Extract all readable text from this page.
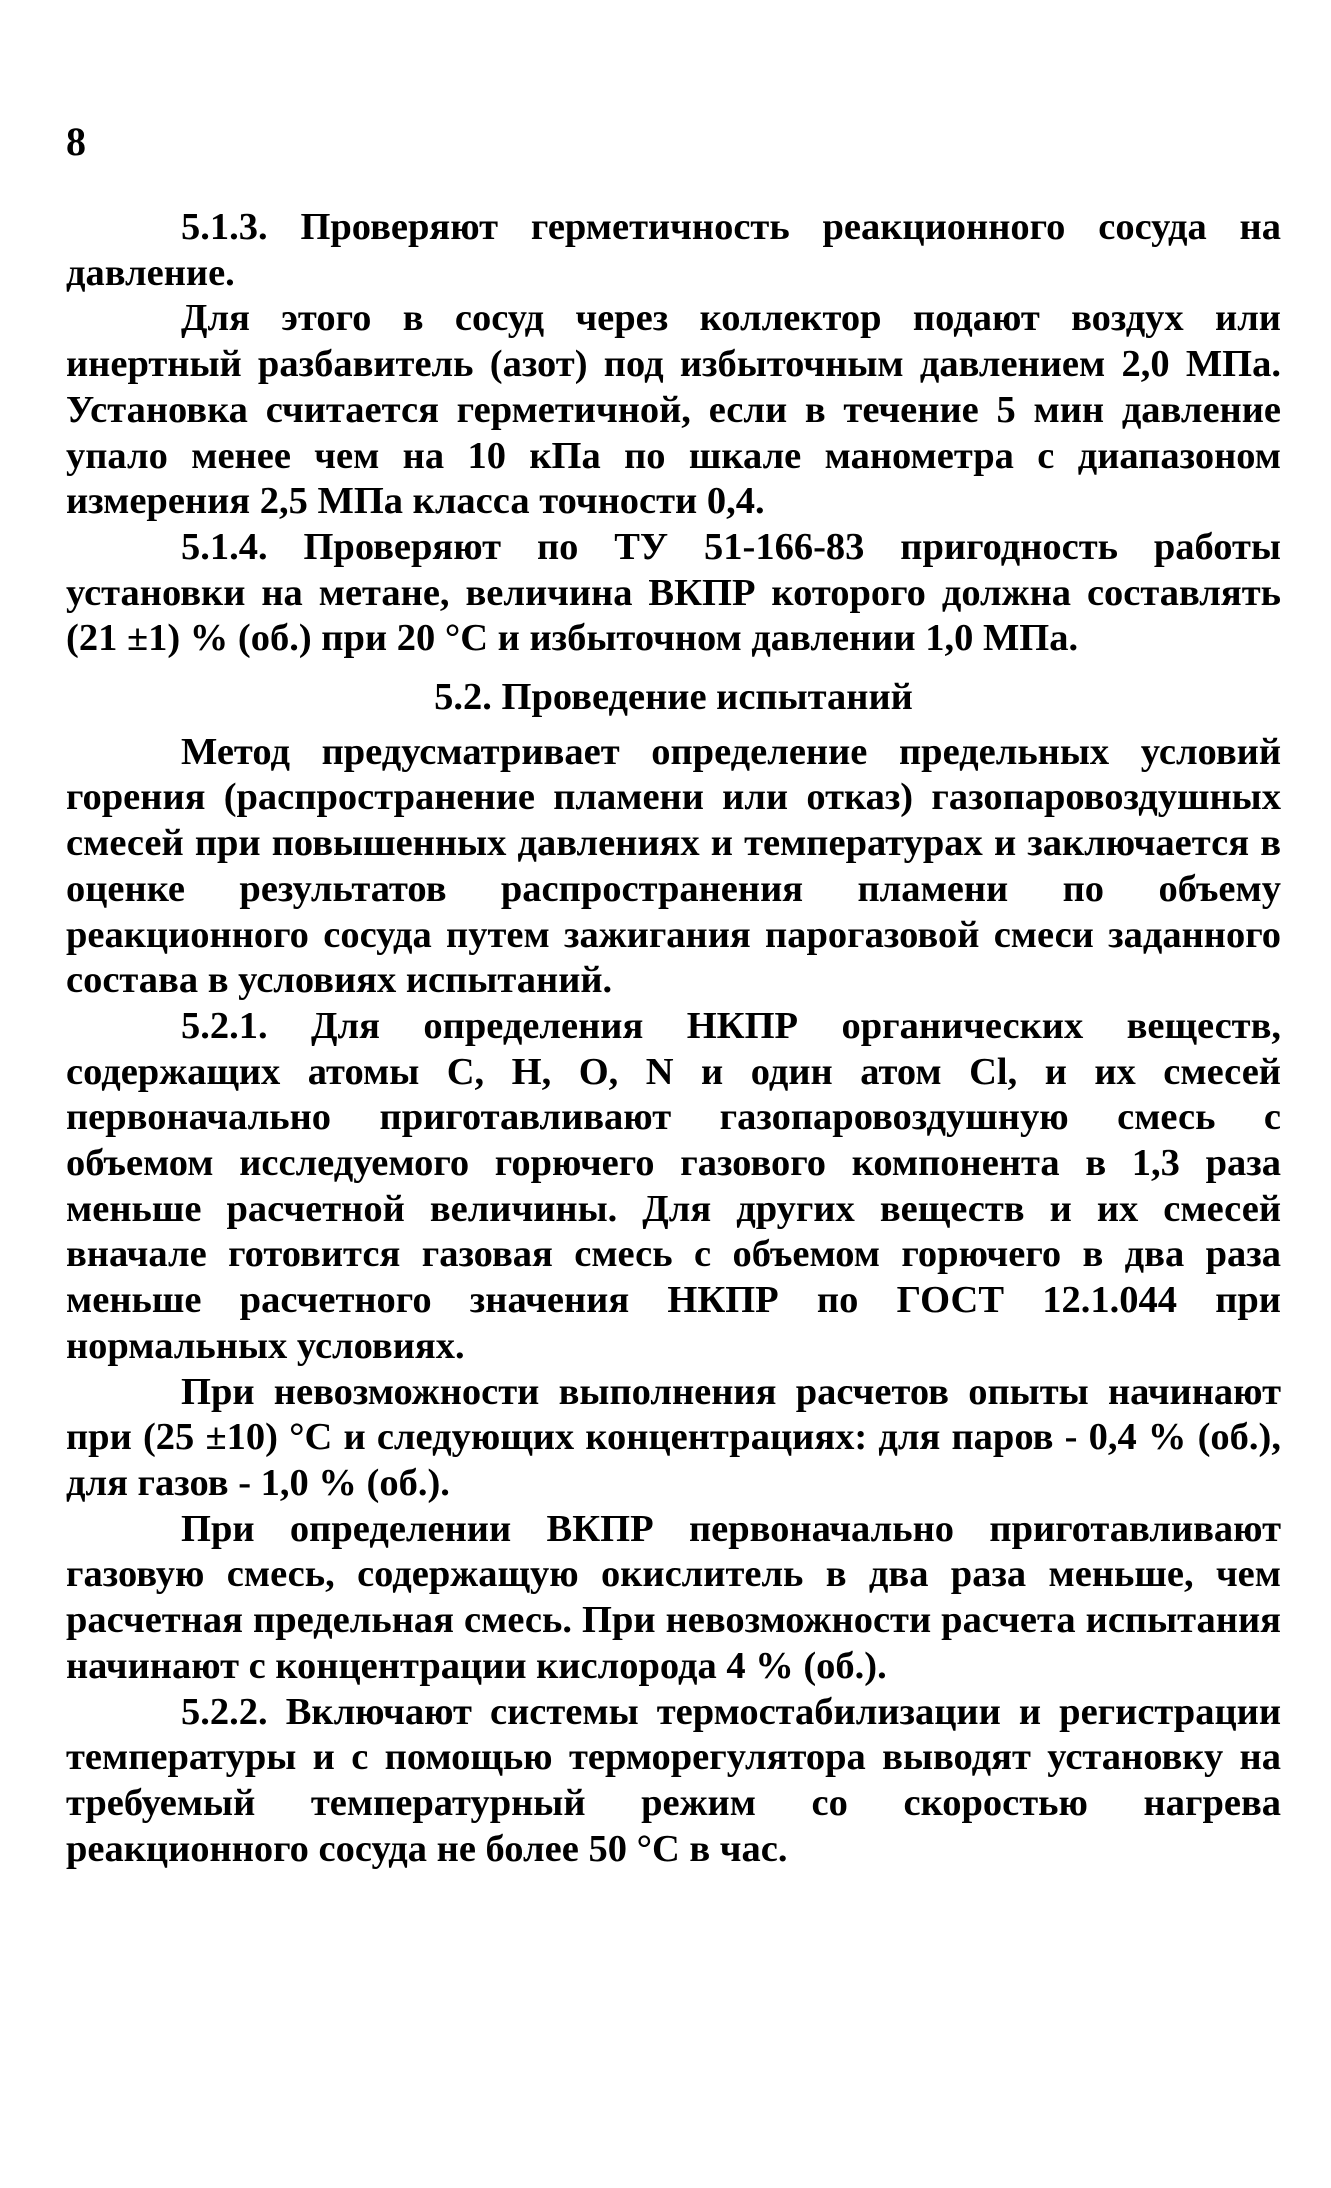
8

5.1.3. Проверяют герметичность реакционного сосуда на давление.

Для этого в сосуд через коллектор подают воздух или инертный разбавитель (азот) под избыточным давлением 2,0 МПа. Установка считается герметичной, если в течение 5 мин давление упало менее чем на 10 кПа по шкале манометра с диапазоном измерения 2,5 МПа класса точности 0,4.

5.1.4. Проверяют по ТУ 51-166-83 пригодность работы установки на метане, величина ВКПР которого должна составлять (21 ±1) % (об.) при 20 °С и избыточном давлении 1,0 МПа.

5.2. Проведение испытаний

Метод предусматривает определение предельных условий горения (распространение пламени или отказ) газопаровоздушных смесей при повышенных давлениях и температурах и заключается в оценке результатов распространения пламени по объему реакционного сосуда путем зажигания парогазовой смеси заданного состава в условиях испытаний.

5.2.1. Для определения НКПР органических веществ, содержащих атомы С, Н, О, N и один атом Cl, и их смесей первоначально приготавливают газопаровоздушную смесь с объемом исследуемого горючего газового компонента в 1,3 раза меньше расчетной величины. Для других веществ и их смесей вначале готовится газовая смесь с объемом горючего в два раза меньше расчетного значения НКПР по ГОСТ 12.1.044 при нормальных условиях.

При невозможности выполнения расчетов опыты начинают при (25 ±10) °С и следующих концентрациях: для паров - 0,4 % (об.), для газов - 1,0 % (об.).

При определении ВКПР первоначально приготавливают газовую смесь, содержащую окислитель в два раза меньше, чем расчетная предельная смесь. При невозможности расчета испытания начинают с концентрации кислорода 4 % (об.).

5.2.2. Включают системы термостабилизации и регистрации температуры и с помощью терморегулятора выводят установку на требуемый температурный режим со скоростью нагрева реакционного сосуда не более 50 °С в час.
